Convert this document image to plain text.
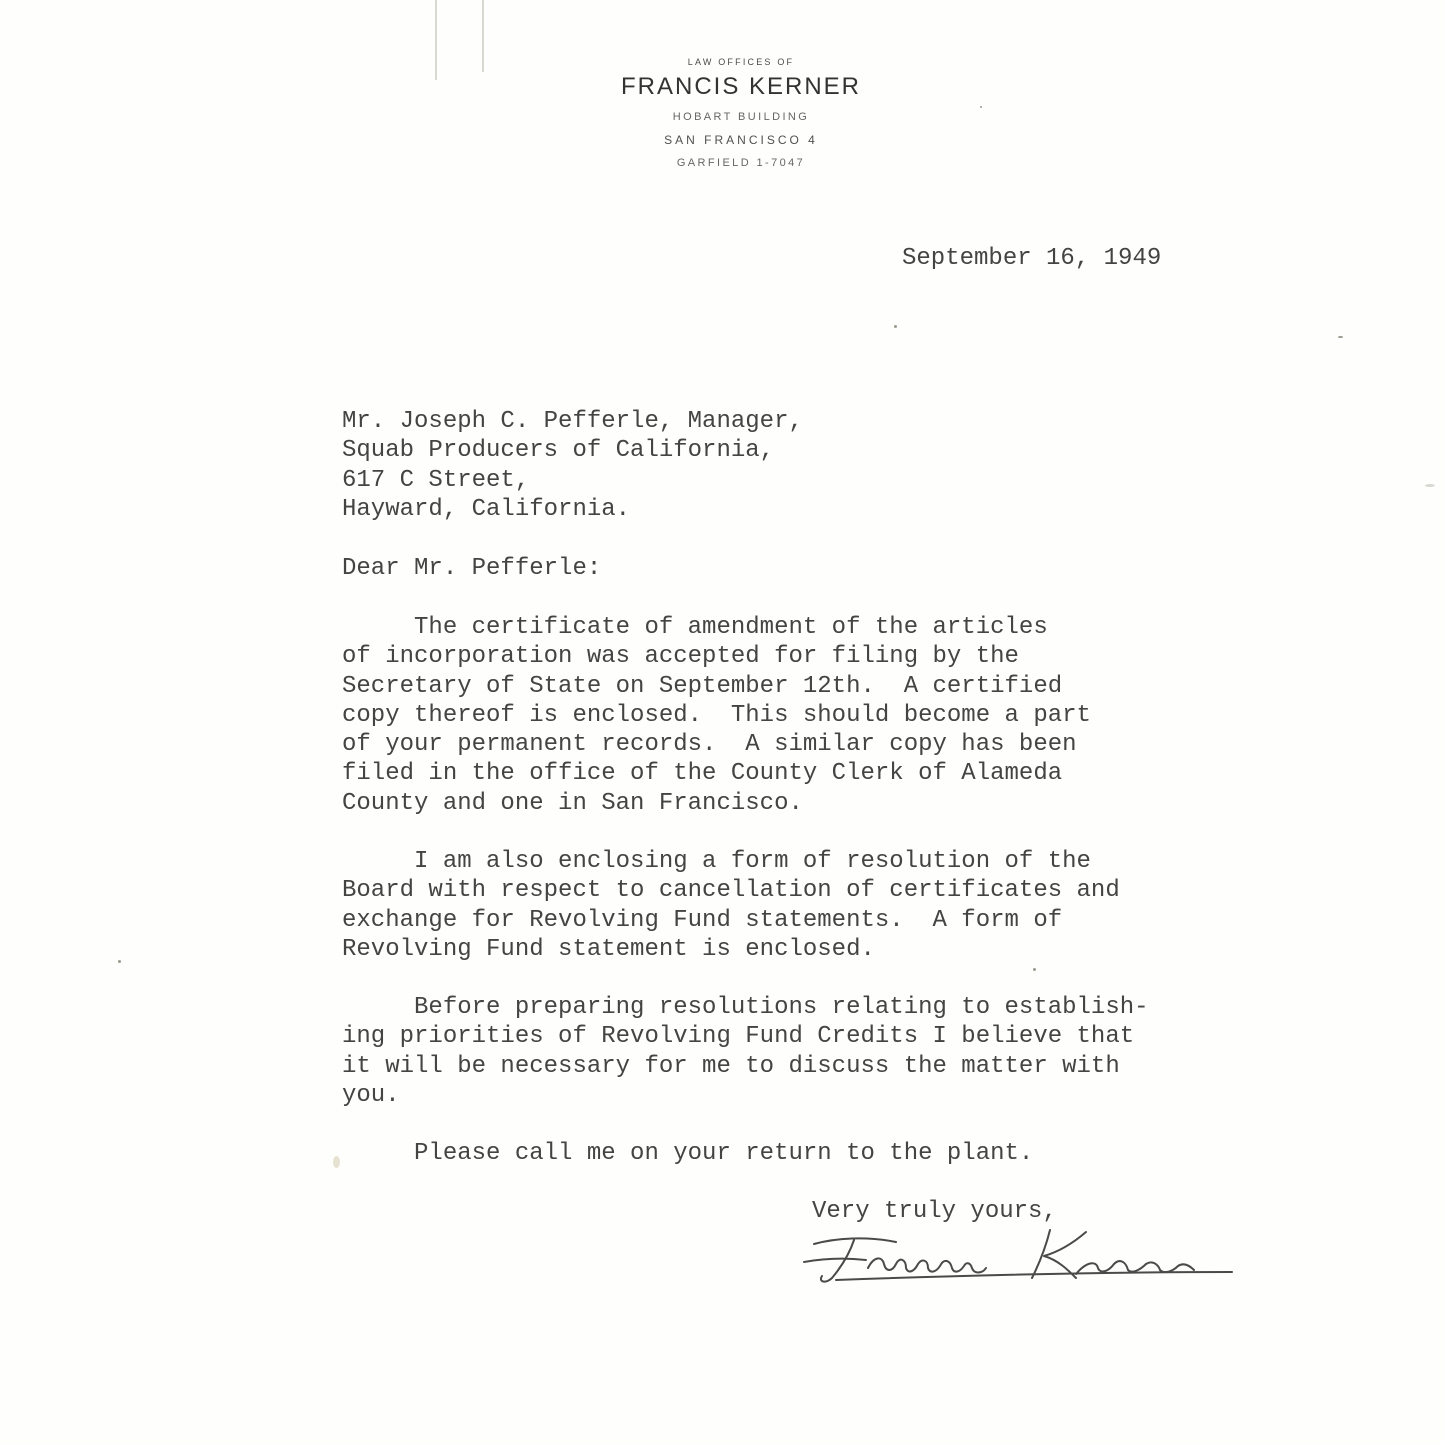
LAW OFFICES OF
FRANCIS KERNER
HOBART BUILDING
SAN FRANCISCO 4
GARFIELD 1-7047

September 16, 1949

Mr. Joseph C. Pefferle, Manager,

Squab Producers of California,

617 C Street,

Hayward, California.

Dear Mr. Pefferle:

The certificate of amendment of the articles

of incorporation was accepted for filing by the

Secretary of State on September 12th.  A certified

copy thereof is enclosed.  This should become a part

of your permanent records.  A similar copy has been

filed in the office of the County Clerk of Alameda

County and one in San Francisco.

I am also enclosing a form of resolution of the

Board with respect to cancellation of certificates and

exchange for Revolving Fund statements.  A form of

Revolving Fund statement is enclosed.

Before preparing resolutions relating to establish-

ing priorities of Revolving Fund Credits I believe that

it will be necessary for me to discuss the matter with

you.

Please call me on your return to the plant.

Very truly yours,
